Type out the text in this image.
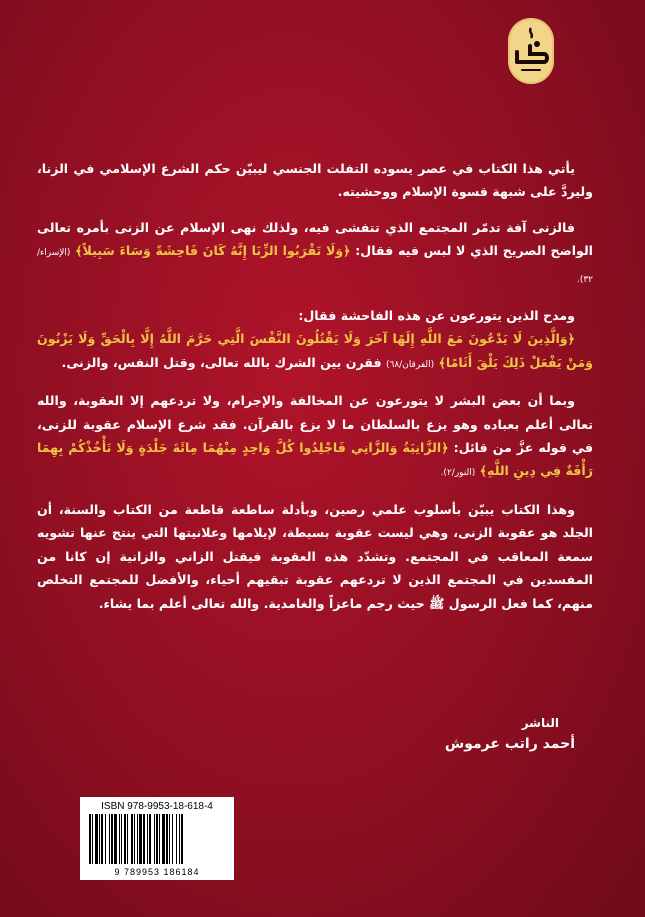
يأتي هذا الكتاب في عصر يسوده التفلت الجنسي ليبيّن حكم الشرع الإسلامي في الزنا، وليردَّ على شبهة قسوة الإسلام ووحشيته.

فالزنى آفة تدمّر المجتمع الذي تتفشى فيه، ولذلك نهى الإسلام عن الزنى بأمره تعالى الواضح الصريح الذي لا لبس فيه فقال: ﴿وَلَا تَقْرَبُوا الزِّنَا إِنَّهُ كَانَ فَاحِشَةً وَسَاءَ سَبِيلاً﴾ (الإسراء/٣٢).

ومدح الذين يتورعون عن هذه الفاحشة فقال:

﴿وَالَّذِينَ لَا يَدْعُونَ مَعَ اللَّهِ إِلَهًا آخَرَ وَلَا يَقْتُلُونَ النَّفْسَ الَّتِي حَرَّمَ اللَّهُ إِلَّا بِالْحَقِّ وَلَا يَزْنُونَ وَمَنْ يَفْعَلْ ذَلِكَ يَلْقَ أَثَامًا﴾ (الفرقان/٦٨) فقرن بين الشرك بالله تعالى، وقتل النفس، والزنى.

وبما أن بعض البشر لا يتورعون عن المخالفة والإجرام، ولا تردعهم إلا العقوبة، والله تعالى أعلم بعباده وهو يزع بالسلطان ما لا يزع بالقرآن. فقد شرع الإسلام عقوبة للزنى، في قوله عزَّ من قائل: ﴿الزَّانِيَةُ وَالزَّانِي فَاجْلِدُوا كُلَّ وَاحِدٍ مِنْهُمَا مِائَةَ جَلْدَةٍ وَلَا تَأْخُذْكُمْ بِهِمَا رَأْفَةٌ فِي دِينِ اللَّهِ﴾ (النور/٢).

وهذا الكتاب يبيّن بأسلوب علمي رصين، وبأدلة ساطعة قاطعة من الكتاب والسنة، أن الجلد هو عقوبة الزنى، وهي ليست عقوبة بسيطة، لإيلامها وعلانيتها التي ينتج عنها تشويه سمعة المعاقب في المجتمع. وتشدّد هذه العقوبة فيقتل الزاني والزانية إن كانا من المفسدين في المجتمع الذين لا تردعهم عقوبة تبقيهم أحياء، والأفضل للمجتمع التخلص منهم، كما فعل الرسول ﷺ حيث رجم ماعزاً والغامدية. والله تعالى أعلم بما يشاء.

الناشر
أحمد راتب عرموش
ISBN 978-9953-18-618-4
9 789953 186184
